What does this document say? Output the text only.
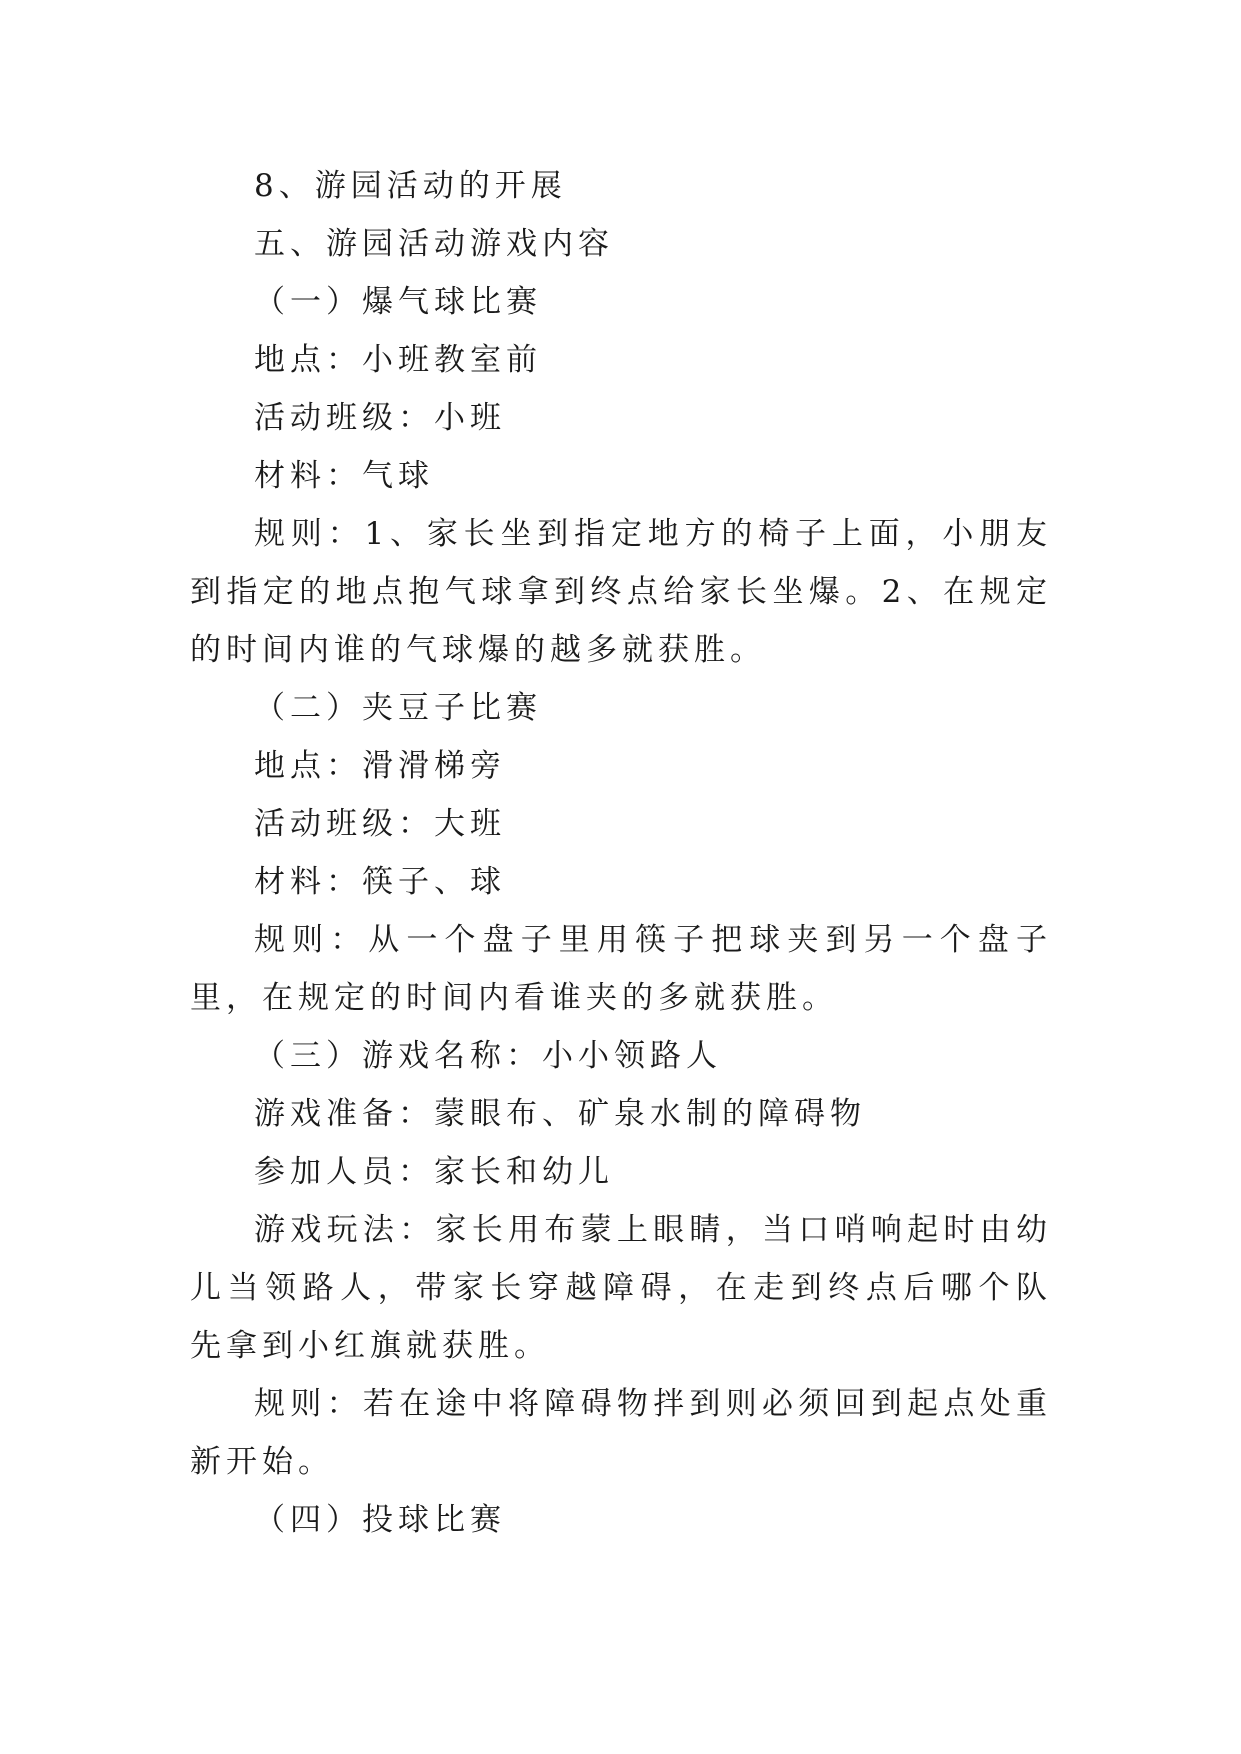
8、游园活动的开展

五、游园活动游戏内容

（一）爆气球比赛

地点：小班教室前

活动班级：小班

材料：气球

规则：1、家长坐到指定地方的椅子上面，小朋友到指定的地点抱气球拿到终点给家长坐爆。2、在规定的时间内谁的气球爆的越多就获胜。

（二）夹豆子比赛

地点：滑滑梯旁

活动班级：大班

材料：筷子、球

规则：从一个盘子里用筷子把球夹到另一个盘子里，在规定的时间内看谁夹的多就获胜。

（三）游戏名称：小小领路人

游戏准备：蒙眼布、矿泉水制的障碍物

参加人员：家长和幼儿

游戏玩法：家长用布蒙上眼睛，当口哨响起时由幼儿当领路人，带家长穿越障碍，在走到终点后哪个队先拿到小红旗就获胜。

规则：若在途中将障碍物拌到则必须回到起点处重新开始。

（四）投球比赛
